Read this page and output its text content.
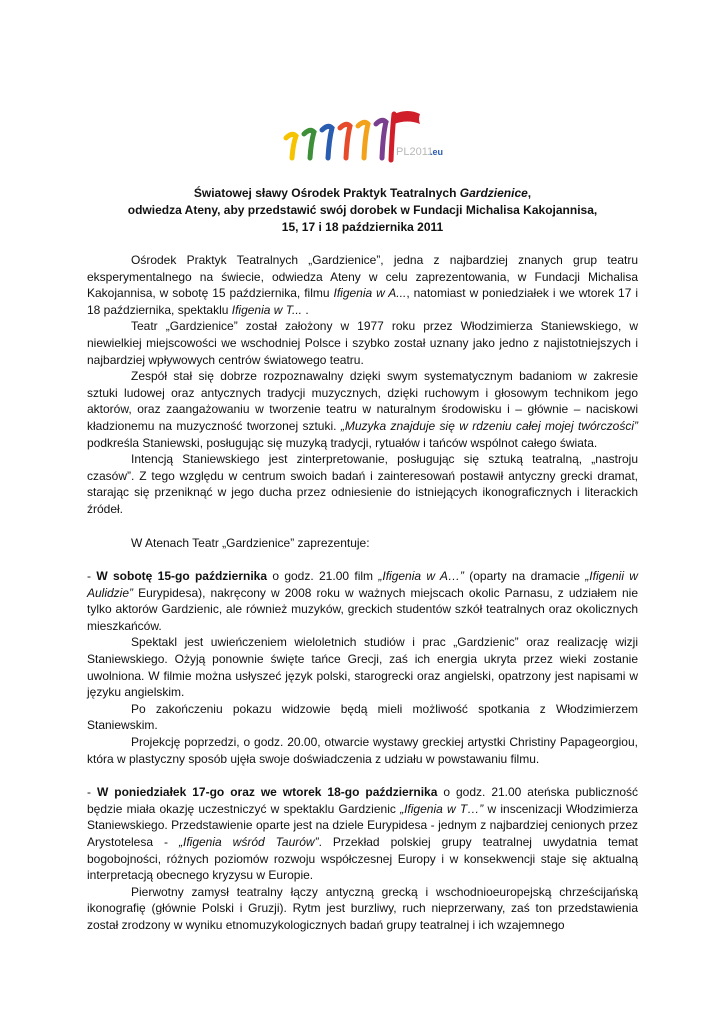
PL2011
.eu
Światowej sławy Ośrodek Praktyk Teatralnych Gardzienice,
odwiedza Ateny, aby przedstawić swój dorobek w Fundacji Michalisa Kakojannisa,
15, 17 i 18 października 2011

Ośrodek Praktyk Teatralnych „Gardzienice”, jedna z najbardziej znanych grup teatru eksperymentalnego na świecie, odwiedza Ateny w celu zaprezentowania, w Fundacji Michalisa Kakojannisa, w sobotę 15 października, filmu Ifigenia w A..., natomiast w poniedziałek i we wtorek 17 i 18 października, spektaklu Ifigenia w T... .

Teatr „Gardzienice” został założony w 1977 roku przez Włodzimierza Staniewskiego, w niewielkiej miejscowości we wschodniej Polsce i szybko został uznany jako jedno z najistotniejszych i najbardziej wpływowych centrów światowego teatru.

Zespół stał się dobrze rozpoznawalny dzięki swym systematycznym badaniom w zakresie sztuki ludowej oraz antycznych tradycji muzycznych, dzięki ruchowym i głosowym technikom jego aktorów, oraz zaangażowaniu w tworzenie teatru w naturalnym środowisku i – głównie – naciskowi kładzionemu na muzyczność tworzonej sztuki. „Muzyka znajduje się w rdzeniu całej mojej twórczości” podkreśla Staniewski, posługując się muzyką tradycji, rytuałów i tańców wspólnot całego świata.

Intencją Staniewskiego jest zinterpretowanie, posługując się sztuką teatralną, „nastroju czasów”. Z tego względu w centrum swoich badań i zainteresowań postawił antyczny grecki dramat, starając się przeniknąć w jego ducha przez odniesienie do istniejących ikonograficznych i literackich źródeł.

W Atenach Teatr „Gardzienice” zaprezentuje:

- W sobotę 15-go października o godz. 21.00 film „Ifigenia w A…” (oparty na dramacie „Ifigenii w Aulidzie” Eurypidesa), nakręcony w 2008 roku w ważnych miejscach okolic Parnasu, z udziałem nie tylko aktorów Gardzienic, ale również muzyków, greckich studentów szkół teatralnych oraz okolicznych mieszkańców.

Spektakl jest uwieńczeniem wieloletnich studiów i prac „Gardzienic” oraz realizację wizji Staniewskiego. Ożyją ponownie święte tańce Grecji, zaś ich energia ukryta przez wieki zostanie uwolniona. W filmie można usłyszeć język polski, starogrecki oraz angielski, opatrzony jest napisami w języku angielskim.

Po zakończeniu pokazu widzowie będą mieli możliwość spotkania z Włodzimierzem Staniewskim.

Projekcję poprzedzi, o godz. 20.00, otwarcie wystawy greckiej artystki Christiny Papageorgiou, która w plastyczny sposób ujęła swoje doświadczenia z udziału w powstawaniu filmu.

- W poniedziałek 17-go oraz we wtorek 18-go października o godz. 21.00 ateńska publiczność będzie miała okazję uczestniczyć w spektaklu Gardzienic „Ifigenia w T…” w inscenizacji Włodzimierza Staniewskiego. Przedstawienie oparte jest na dziele Eurypidesa - jednym z najbardziej cenionych przez Arystotelesa - „Ifigenia wśród Taurów”. Przekład polskiej grupy teatralnej uwydatnia temat bogobojności, różnych poziomów rozwoju współczesnej Europy i w konsekwencji staje się aktualną interpretacją obecnego kryzysu w Europie.

Pierwotny zamysł teatralny łączy antyczną grecką i wschodnioeuropejską chrześcijańską ikonografię (głównie Polski i Gruzji). Rytm jest burzliwy, ruch nieprzerwany, zaś ton przedstawienia został zrodzony w wyniku etnomuzykologicznych badań grupy teatralnej i ich wzajemnego
